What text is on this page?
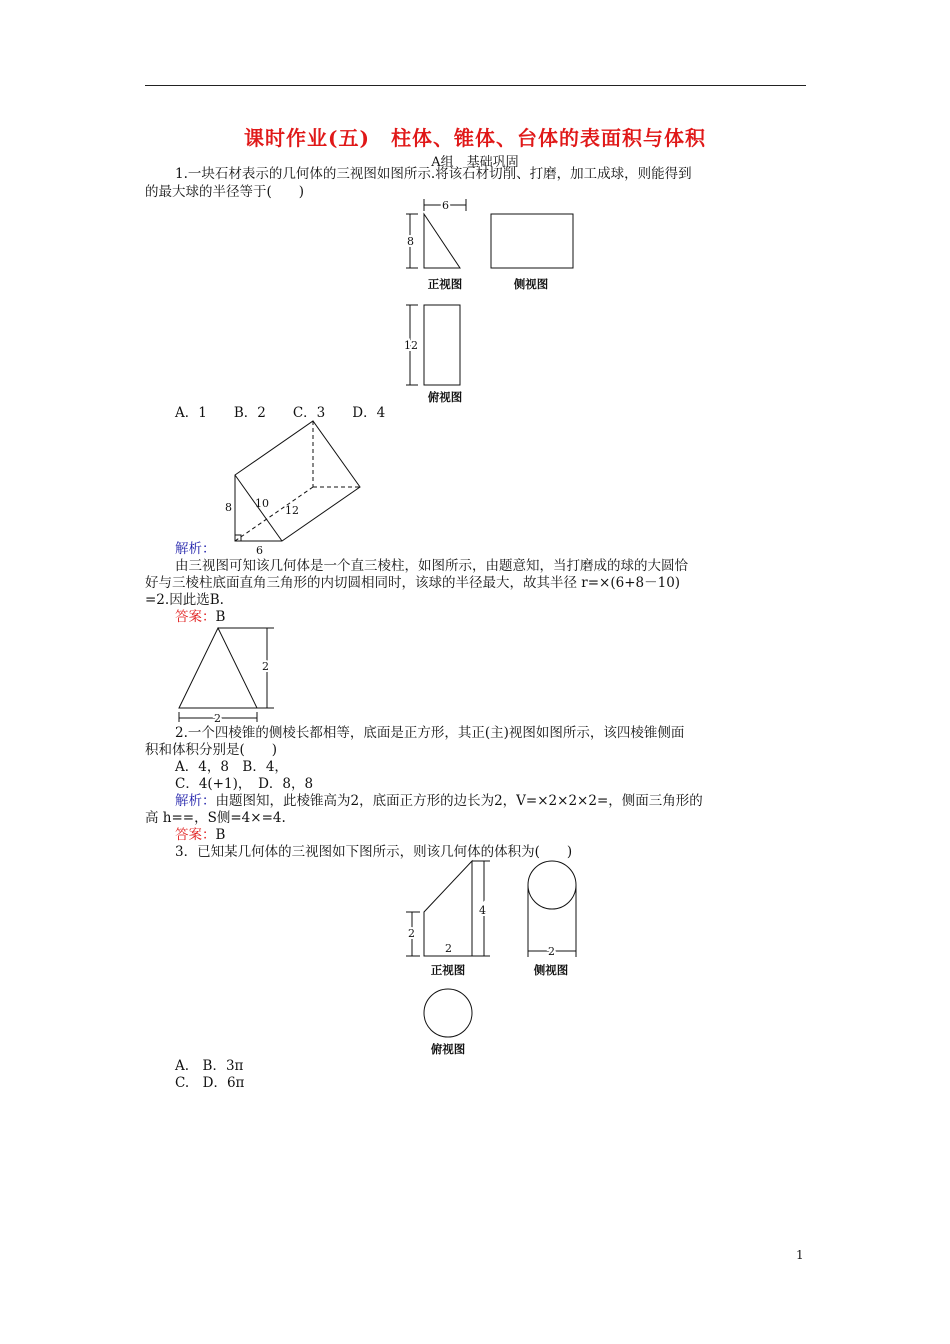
课时作业(五)　柱体、锥体、台体的表面积与体积
A组　基础巩固
1.一块石材表示的几何体的三视图如图所示.将该石材切削、打磨，加工成球，则能得到
的最大球的半径等于(　　)
6
8
12
正视图	侧视图
俯视图
A．1　　B．2　　C．3　　D．4
8 10
12
6
解析：
由三视图可知该几何体是一个直三棱柱，如图所示，由题意知，当打磨成的球的大圆恰
好与三棱柱底面直角三角形的内切圆相同时，该球的半径最大，故其半径 r=×(6+8－10)
=2.因此选B.
答案：B
2
2
2.一个四棱锥的侧棱长都相等，底面是正方形，其正(主)视图如图所示，该四棱锥侧面
积和体积分别是(　　)
A．4，8　B．4，
C．4(+1)，　D．8，8
解析：由题图知，此棱锥高为2，底面正方形的边长为2，V=×2×2×2=，侧面三角形的
高 h==，S侧=4×=4.
答案：B
3．已知某几何体的三视图如下图所示，则该几何体的体积为(　　)
2
2
4
2
正视图	侧视图
俯视图
A.　B．3π
C.　D．6π
1
